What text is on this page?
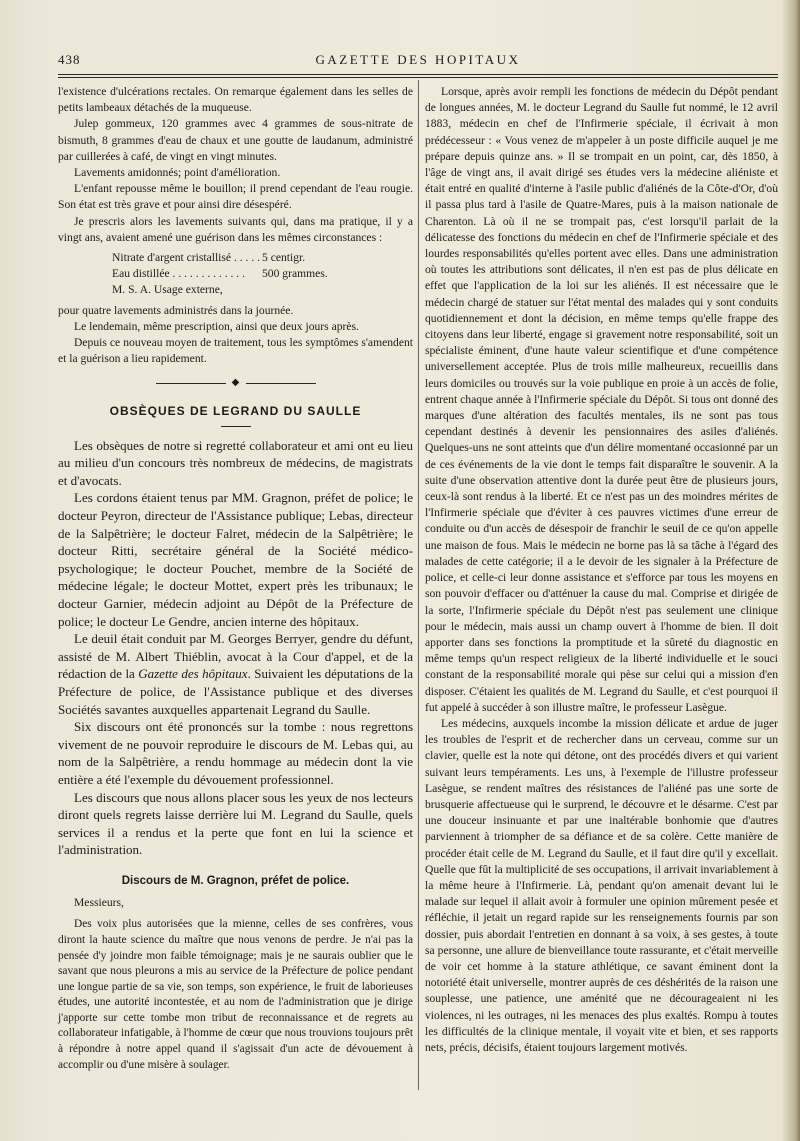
438	GAZETTE DES HOPITAUX

l'existence d'ulcérations rectales. On remarque également dans les selles de petits lambeaux détachés de la muqueuse.

Julep gommeux, 120 grammes avec 4 grammes de sous-nitrate de bismuth, 8 grammes d'eau de chaux et une goutte de laudanum, administré par cuillerées à café, de vingt en vingt minutes.

Lavements amidonnés; point d'amélioration.

L'enfant repousse même le bouillon; il prend cependant de l'eau rougie. Son état est très grave et pour ainsi dire désespéré.

Je prescris alors les lavements suivants qui, dans ma pratique, il y a vingt ans, avaient amené une guérison dans les mêmes circonstances :

Nitrate d'argent cristallisé . . .	5 centigr.
Eau distillée . . .	500 grammes.
M. S. A. Usage externe,

pour quatre lavements administrés dans la journée.

Le lendemain, même prescription, ainsi que deux jours après.

Depuis ce nouveau moyen de traitement, tous les symptômes s'amendent et la guérison a lieu rapidement.

◆
OBSÈQUES DE LEGRAND DU SAULLE

Les obsèques de notre si regretté collaborateur et ami ont eu lieu au milieu d'un concours très nombreux de médecins, de magistrats et d'avocats.

Les cordons étaient tenus par MM. Gragnon, préfet de police; le docteur Peyron, directeur de l'Assistance publique; Lebas, directeur de la Salpêtrière; le docteur Falret, médecin de la Salpêtrière; le docteur Ritti, secrétaire général de la Société médico-psychologique; le docteur Pouchet, membre de la Société de médecine légale; le docteur Mottet, expert près les tribunaux; le docteur Garnier, médecin adjoint au Dépôt de la Préfecture de police; le docteur Le Gendre, ancien interne des hôpitaux.

Le deuil était conduit par M. Georges Berryer, gendre du défunt, assisté de M. Albert Thiéblin, avocat à la Cour d'appel, et de la rédaction de la Gazette des hôpitaux. Suivaient les députations de la Préfecture de police, de l'Assistance publique et des diverses Sociétés savantes auxquelles appartenait Legrand du Saulle.

Six discours ont été prononcés sur la tombe : nous regrettons vivement de ne pouvoir reproduire le discours de M. Lebas qui, au nom de la Salpêtrière, a rendu hommage au médecin dont la vie entière a été l'exemple du dévouement professionnel.

Les discours que nous allons placer sous les yeux de nos lecteurs diront quels regrets laisse derrière lui M. Legrand du Saulle, quels services il a rendus et la perte que font en lui la science et l'administration.

Discours de M. Gragnon, préfet de police.
Messieurs,

Des voix plus autorisées que la mienne, celles de ses confrères, vous diront la haute science du maître que nous venons de perdre. Je n'ai pas la pensée d'y joindre mon faible témoignage; mais je ne saurais oublier que le savant que nous pleurons a mis au service de la Préfecture de police pendant une longue partie de sa vie, son temps, son expérience, le fruit de laborieuses études, une autorité incontestée, et au nom de l'administration que je dirige j'apporte sur cette tombe mon tribut de reconnaissance et de regrets au collaborateur infatigable, à l'homme de cœur que nous trouvions toujours prêt à répondre à notre appel quand il s'agissait d'un acte de dévouement à accomplir ou d'une misère à soulager.

Lorsque, après avoir rempli les fonctions de médecin du Dépôt pendant de longues années, M. le docteur Legrand du Saulle fut nommé, le 12 avril 1883, médecin en chef de l'Infirmerie spéciale, il écrivait à mon prédécesseur : « Vous venez de m'appeler à un poste difficile auquel je me prépare depuis quinze ans. » Il se trompait en un point, car, dès 1850, à l'âge de vingt ans, il avait dirigé ses études vers la médecine aliéniste et était entré en qualité d'interne à l'asile public d'aliénés de la Côte-d'Or, d'où il passa plus tard à l'asile de Quatre-Mares, puis à la maison nationale de Charenton. Là où il ne se trompait pas, c'est lorsqu'il parlait de la délicatesse des fonctions du médecin en chef de l'Infirmerie spéciale et des lourdes responsabilités qu'elles portent avec elles. Dans une administration où toutes les attributions sont délicates, il n'en est pas de plus délicate en effet que l'application de la loi sur les aliénés. Il est nécessaire que le médecin chargé de statuer sur l'état mental des malades qui y sont conduits quotidiennement et dont la décision, en même temps qu'elle frappe des citoyens dans leur liberté, engage si gravement notre responsabilité, soit un spécialiste éminent, d'une haute valeur scientifique et d'une compétence universellement acceptée. Plus de trois mille malheureux, recueillis dans leurs domiciles ou trouvés sur la voie publique en proie à un accès de folie, entrent chaque année à l'Infirmerie spéciale du Dépôt. Si tous ont donné des marques d'une altération des facultés mentales, ils ne sont pas tous cependant destinés à devenir les pensionnaires des asiles d'aliénés. Quelques-uns ne sont atteints que d'un délire momentané occasionné par un de ces événements de la vie dont le temps fait disparaître le souvenir. A la suite d'une observation attentive dont la durée peut être de plusieurs jours, ceux-là sont rendus à la liberté. Et ce n'est pas un des moindres mérites de l'Infirmerie spéciale que d'éviter à ces pauvres victimes d'une erreur de conduite ou d'un accès de désespoir de franchir le seuil de ce qu'on appelle une maison de fous. Mais le médecin ne borne pas là sa tâche à l'égard des malades de cette catégorie; il a le devoir de les signaler à la Préfecture de police, et celle-ci leur donne assistance et s'efforce par tous les moyens en son pouvoir d'effacer ou d'atténuer la cause du mal. Comprise et dirigée de la sorte, l'Infirmerie spéciale du Dépôt n'est pas seulement une clinique pour le médecin, mais aussi un champ ouvert à l'homme de bien. Il doit apporter dans ses fonctions la promptitude et la sûreté du diagnostic en même temps qu'un respect religieux de la liberté individuelle et le souci constant de la responsabilité morale qui pèse sur celui qui a mission d'en disposer. C'étaient les qualités de M. Legrand du Saulle, et c'est pourquoi il fut appelé à succéder à son illustre maître, le professeur Lasègue.

Les médecins, auxquels incombe la mission délicate et ardue de juger les troubles de l'esprit et de rechercher dans un cerveau, comme sur un clavier, quelle est la note qui détone, ont des procédés divers et qui varient suivant leurs tempéraments. Les uns, à l'exemple de l'illustre professeur Lasègue, se rendent maîtres des résistances de l'aliéné pas une sorte de brusquerie affectueuse qui le surprend, le découvre et le désarme. C'est par une douceur insinuante et par une inaltérable bonhomie que d'autres parviennent à triompher de sa défiance et de sa colère. Cette manière de procéder était celle de M. Legrand du Saulle, et il faut dire qu'il y excellait. Quelle que fût la multiplicité de ses occupations, il arrivait invariablement à la même heure à l'Infirmerie. Là, pendant qu'on amenait devant lui le malade sur lequel il allait avoir à formuler une opinion mûrement pesée et réfléchie, il jetait un regard rapide sur les renseignements fournis par son dossier, puis abordait l'entretien en donnant à sa voix, à ses gestes, à toute sa personne, une allure de bienveillance toute rassurante, et c'était merveille de voir cet homme à la stature athlétique, ce savant éminent dont la notoriété était universelle, montrer auprès de ces déshérités de la raison une souplesse, une patience, une aménité que ne décourageaient ni les violences, ni les outrages, ni les menaces des plus exaltés. Rompu à toutes les difficultés de la clinique mentale, il voyait vite et bien, et ses rapports nets, précis, décisifs, étaient toujours largement motivés.
